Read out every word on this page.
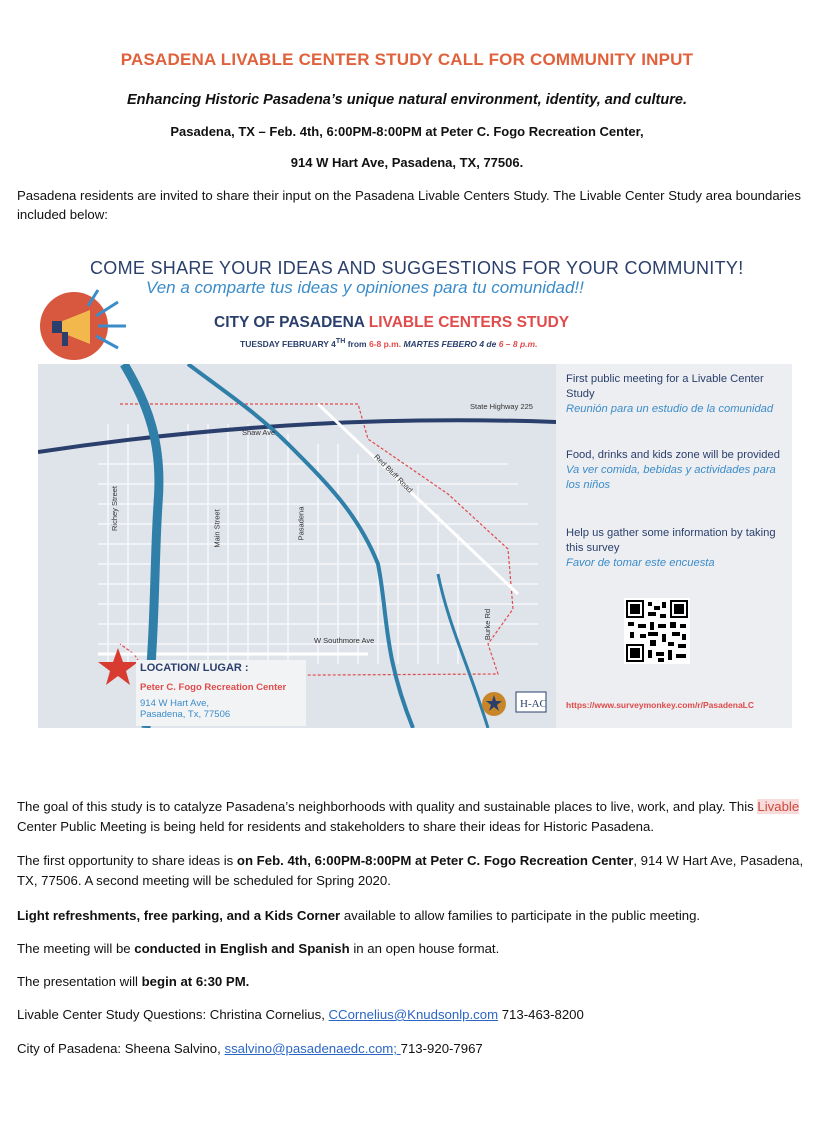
PASADENA LIVABLE CENTER STUDY CALL FOR COMMUNITY INPUT
Enhancing Historic Pasadena’s unique natural environment, identity, and culture.
Pasadena, TX – Feb. 4th, 6:00PM-8:00PM at Peter C. Fogo Recreation Center,
914 W Hart Ave, Pasadena, TX, 77506.
Pasadena residents are invited to share their input on the Pasadena Livable Centers Study. The Livable Center Study area boundaries included below:
COME SHARE YOUR IDEAS AND SUGGESTIONS FOR YOUR COMMUNITY!
Ven a comparte tus ideas y opiniones para tu comunidad!!
CITY OF PASADENA LIVABLE CENTERS STUDY
TUESDAY FEBRUARY 4TH from 6-8 p.m. MARTES FEBERO 4 de 6 – 8 p.m.
State Highway 225
Shaw Ave
Red Bluff Road
Richey Street	Main Street	Pasadena
Burke Rd
W Southmore Ave
LOCATION/ LUGAR :
Peter C. Fogo Recreation Center
914 W Hart Ave,
Pasadena, Tx, 77506
H-AC

First public meeting for a Livable Center Study

Reunión para un estudio de la comunidad

Food, drinks and kids zone will be provided

Va ver comida, bebidas y actividades para los niños

Help us gather some information by taking this survey

Favor de tomar este encuesta

https://www.surveymonkey.com/r/PasadenaLC
The goal of this study is to catalyze Pasadena’s neighborhoods with quality and sustainable places to live, work, and play. This Livable Center Public Meeting is being held for residents and stakeholders to share their ideas for Historic Pasadena.
The first opportunity to share ideas is on Feb. 4th, 6:00PM-8:00PM at Peter C. Fogo Recreation Center, 914 W Hart Ave, Pasadena, TX, 77506. A second meeting will be scheduled for Spring 2020.
Light refreshments, free parking, and a Kids Corner available to allow families to participate in the public meeting.
The meeting will be conducted in English and Spanish in an open house format.
The presentation will begin at 6:30 PM.
Livable Center Study Questions: Christina Cornelius, CCornelius@Knudsonlp.com 713-463-8200
City of Pasadena: Sheena Salvino, ssalvino@pasadenaedc.com; 713-920-7967
